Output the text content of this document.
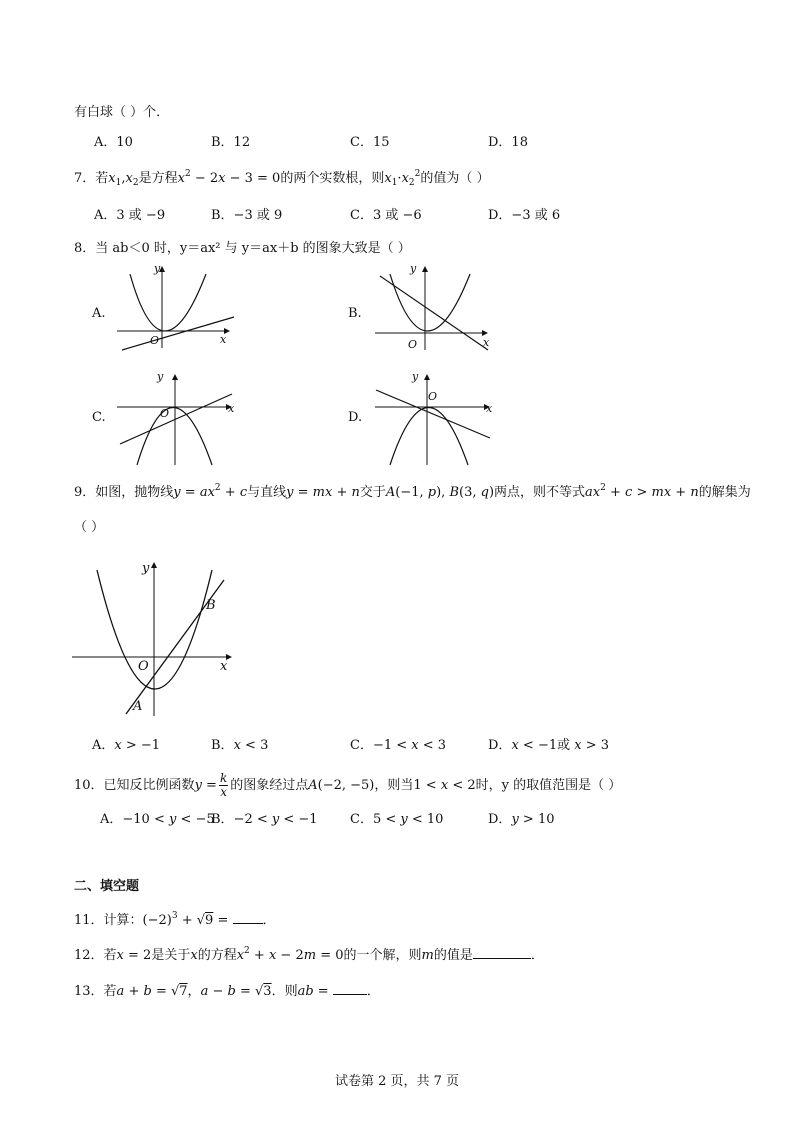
有白球（ ）个．
A．10	B．12	C．15	D．18
7．若$x_1,x_2$是方程$x^2 - 2x - 3 = 0$的两个实数根，则$x_1\cdot x_2^2$的值为（ ）
A．3 或 −9	B．−3 或 9	C．3 或 −6	D．−3 或 6
8．当 ab＜0 时，y＝ax² 与 y＝ax＋b 的图象大致是（ ）
A.
y
x
O
B.
y
x
O
C.
y
x
O	D.
y
x
O
9．如图，抛物线$y = ax^2 + c$与直线y = mx + n交于A(−1, p), B(3, q)两点，则不等式$ax^2 + c$ > mx + n的解集为
（ ）
y
x
O
A
B
A．x > −1	B．x < 3	C．−1 < x < 3	D．x < −1或 x > 3
10．已知反比例函数$y = \frac{k}{x}$ 的图象经过点A(−2, −5)，则当1 < x < 2时，y 的取值范围是（ ）
A．−10 < y < −5
B．−2 < y < −1 C．5 < y < 10	D．y > 10
二、填空题
11．计算：$(-2)^3 + √9$ = ．
12．若x = 2是关于x的方程$x^2 + x - 2m = 0$的一个解，则m的值是	．
13．若a + b = √7，a − b = √3．则ab =	．
试卷第 2 页，共 7 页
